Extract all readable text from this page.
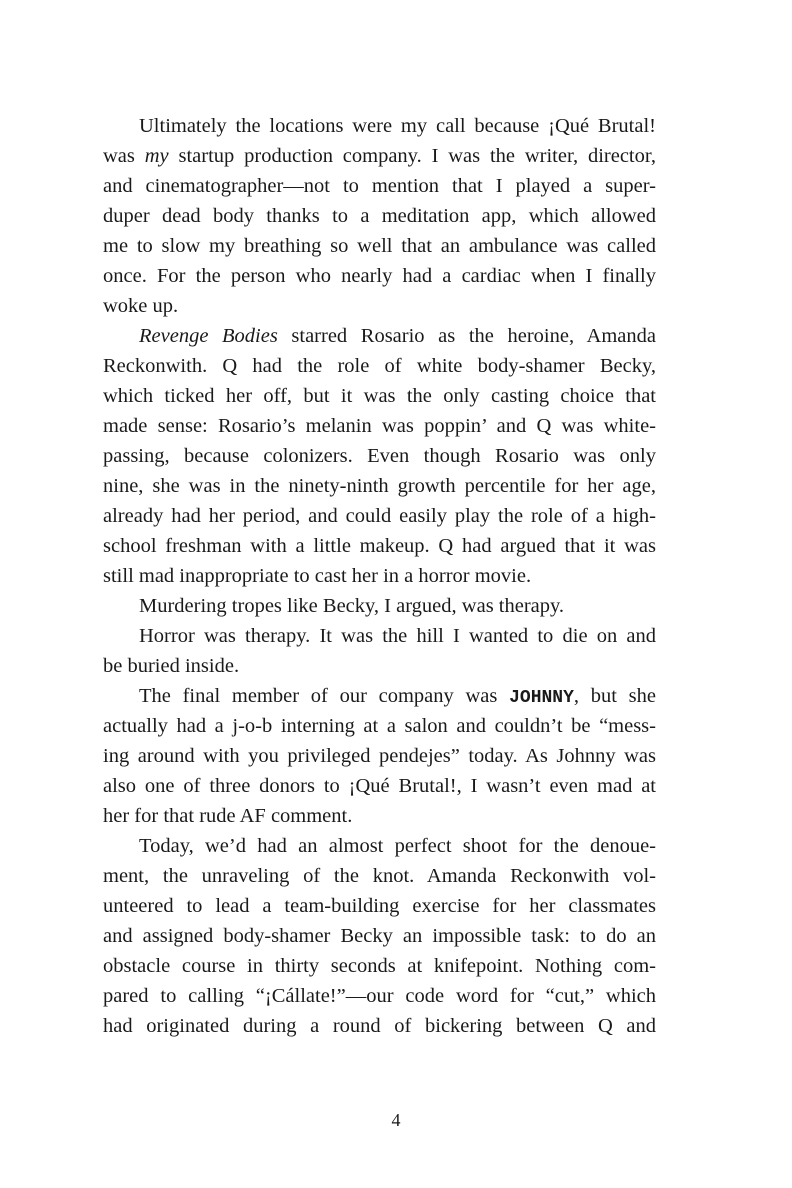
Ultimately the locations were my call because ¡Qué Brutal!
was my startup production company. I was the writer, director,
and cinematographer—not to mention that I played a super-
duper dead body thanks to a meditation app, which allowed
me to slow my breathing so well that an ambulance was called
once. For the person who nearly had a cardiac when I finally
woke up.
Revenge Bodies starred Rosario as the heroine, Amanda
Reckonwith. Q had the role of white body-shamer Becky,
which ticked her off, but it was the only casting choice that
made sense: Rosario’s melanin was poppin’ and Q was white-
passing, because colonizers. Even though Rosario was only
nine, she was in the ninety-ninth growth percentile for her age,
already had her period, and could easily play the role of a high-
school freshman with a little makeup. Q had argued that it was
still mad inappropriate to cast her in a horror movie.
Murdering tropes like Becky, I argued, was therapy.
Horror was therapy. It was the hill I wanted to die on and
be buried inside.
The final member of our company was JOHNNY, but she
actually had a j-o-b interning at a salon and couldn’t be “mess-
ing around with you privileged pendejes” today. As Johnny was
also one of three donors to ¡Qué Brutal!, I wasn’t even mad at
her for that rude AF comment.
Today, we’d had an almost perfect shoot for the denoue-
ment, the unraveling of the knot. Amanda Reckonwith vol-
unteered to lead a team-building exercise for her classmates
and assigned body-shamer Becky an impossible task: to do an
obstacle course in thirty seconds at knifepoint. Nothing com-
pared to calling “¡Cállate!”—our code word for “cut,” which
had originated during a round of bickering between Q and
4
